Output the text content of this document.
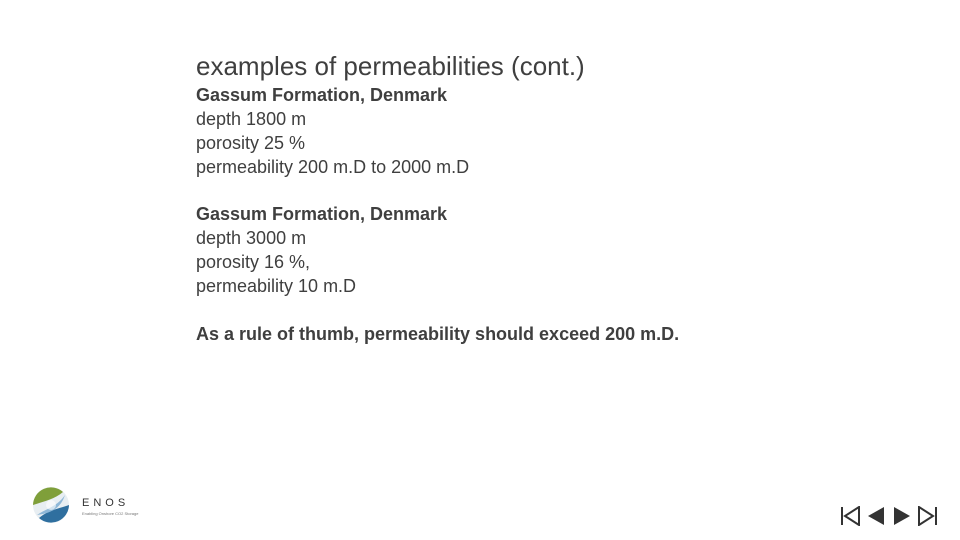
examples of permeabilities (cont.)
Gassum Formation, Denmark
depth 1800 m
porosity 25 %
permeability 200 m.D to 2000 m.D
Gassum Formation, Denmark
depth 3000 m
porosity 16 %,
permeability 10 m.D
As a rule of thumb, permeability should exceed 200 m.D.
ENOS
Enabling Onshore CO2 Storage
